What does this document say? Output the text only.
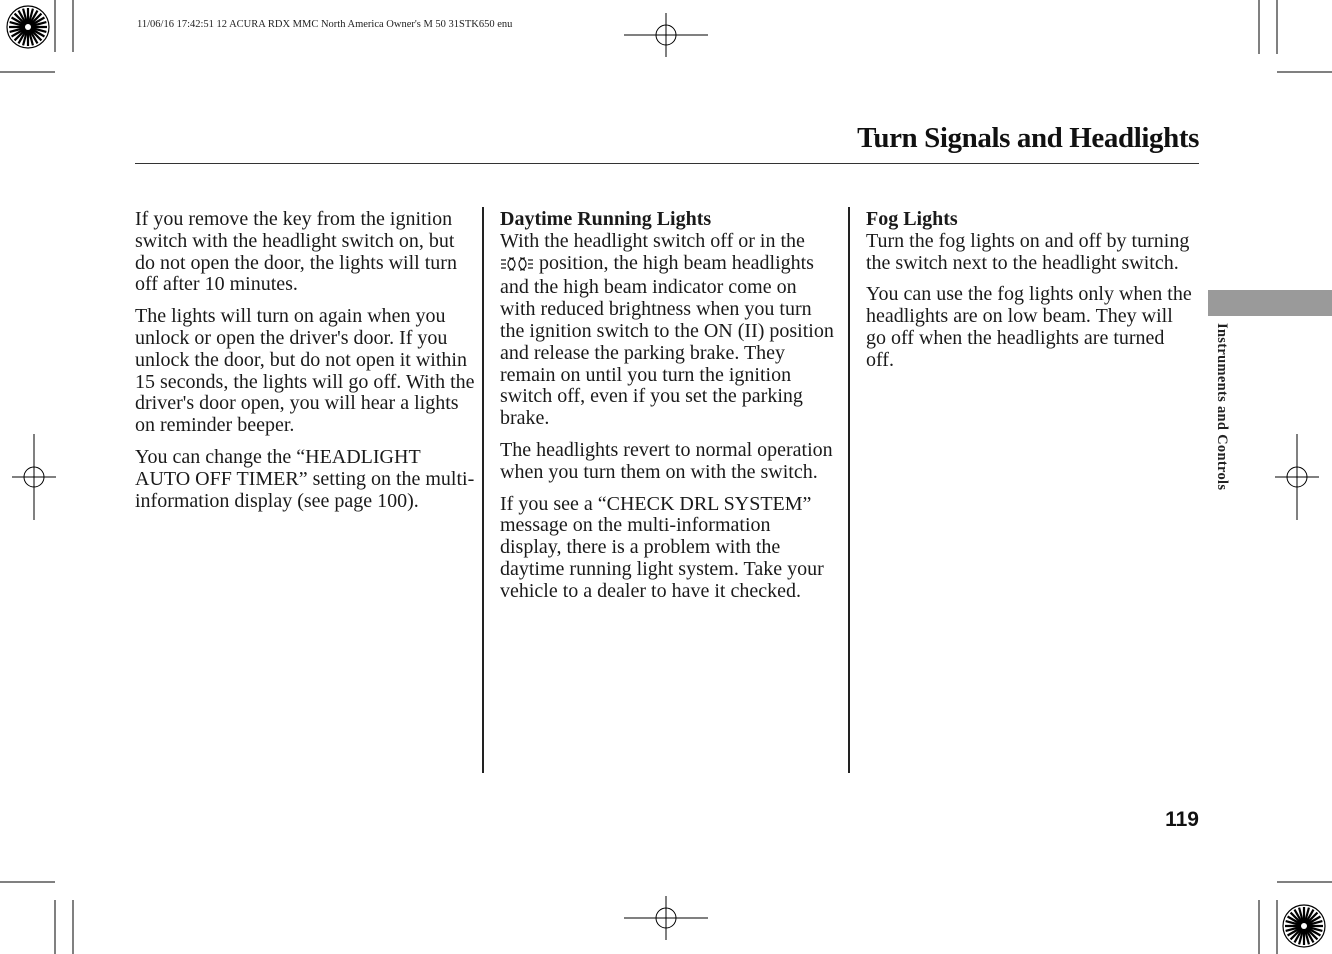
11/06/16 17:42:51 12 ACURA RDX MMC North America Owner's M 50 31STK650 enu
Turn Signals and Headlights

If you remove the key from the ignition switch with the headlight switch on, but do not open the door, the lights will turn off after 10 minutes.

The lights will turn on again when you unlock or open the driver's door. If you unlock the door, but do not open it within 15 seconds, the lights will go off. With the driver's door open, you will hear a lights on reminder beeper.

You can change the “HEADLIGHT AUTO OFF TIMER” setting on the multi-information display (see page 100).

Daytime Running Lights

With the headlight switch off or in the  position, the high beam headlights and the high beam indicator come on with reduced brightness when you turn the ignition switch to the ON (II) position and release the parking brake. They remain on until you turn the ignition switch off, even if you set the parking brake.

The headlights revert to normal operation when you turn them on with the switch.

If you see a “CHECK DRL SYSTEM” message on the multi-information display, there is a problem with the daytime running light system. Take your vehicle to a dealer to have it checked.

Fog Lights

Turn the fog lights on and off by turning the switch next to the headlight switch.

You can use the fog lights only when the headlights are on low beam. They will go off when the headlights are turned off.	Instruments and Controls
119
